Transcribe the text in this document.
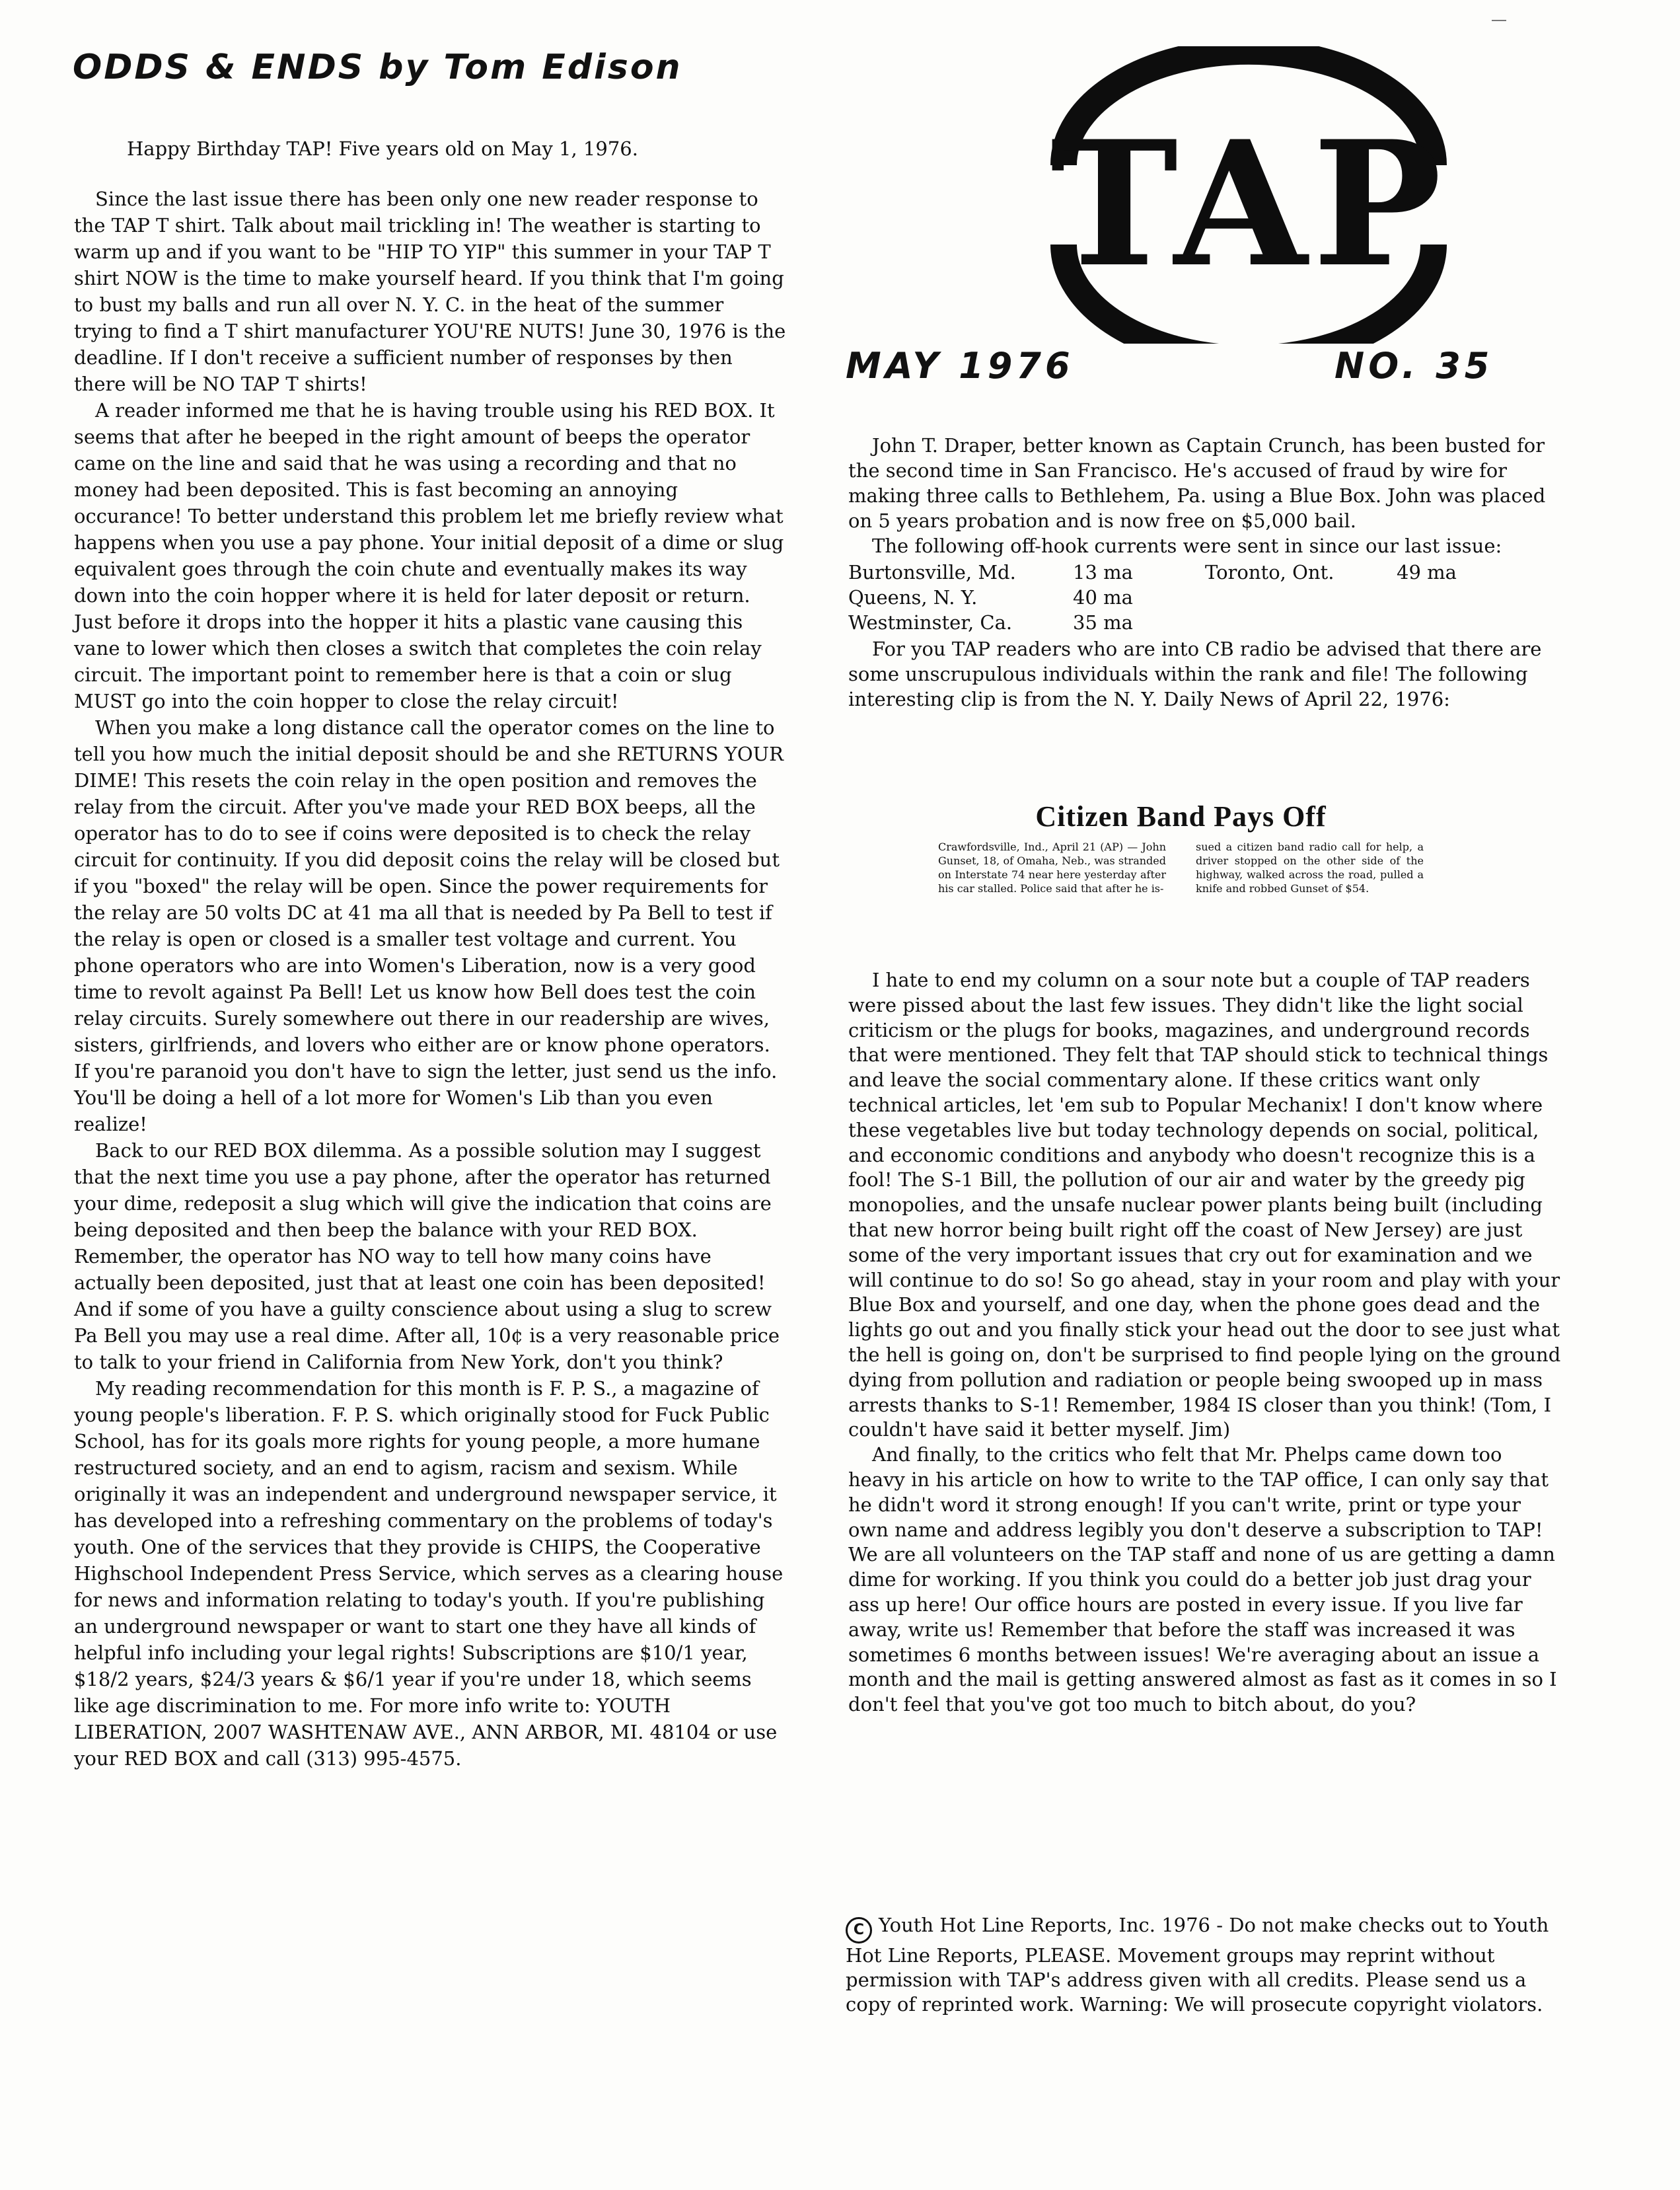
ODDS & ENDS by Tom Edison

Happy Birthday TAP! Five years old on May 1, 1976.

Since the last issue there has been only one new reader response to the TAP T shirt. Talk about mail trickling in! The weather is starting to warm up and if you want to be "HIP TO YIP" this summer in your TAP T shirt NOW is the time to make yourself heard. If you think that I'm going to bust my balls and run all over N. Y. C. in the heat of the summer trying to find a T shirt manufacturer YOU'RE NUTS! June 30, 1976 is the deadline. If I don't receive a sufficient number of responses by then there will be NO TAP T shirts!

A reader informed me that he is having trouble using his RED BOX. It seems that after he beeped in the right amount of beeps the operator came on the line and said that he was using a recording and that no money had been deposited. This is fast becoming an annoying occurance! To better understand this problem let me briefly review what happens when you use a pay phone. Your initial deposit of a dime or slug equivalent goes through the coin chute and eventually makes its way down into the coin hopper where it is held for later deposit or return. Just before it drops into the hopper it hits a plastic vane causing this vane to lower which then closes a switch that completes the coin relay circuit. The important point to remember here is that a coin or slug MUST go into the coin hopper to close the relay circuit!

When you make a long distance call the operator comes on the line to tell you how much the initial deposit should be and she RETURNS YOUR DIME! This resets the coin relay in the open position and removes the relay from the circuit. After you've made your RED BOX beeps, all the operator has to do to see if coins were deposited is to check the relay circuit for continuity. If you did deposit coins the relay will be closed but if you "boxed" the relay will be open. Since the power requirements for the relay are 50 volts DC at 41 ma all that is needed by Pa Bell to test if the relay is open or closed is a smaller test voltage and current. You phone operators who are into Women's Liberation, now is a very good time to revolt against Pa Bell! Let us know how Bell does test the coin relay circuits. Surely somewhere out there in our readership are wives, sisters, girlfriends, and lovers who either are or know phone operators. If you're paranoid you don't have to sign the letter, just send us the info. You'll be doing a hell of a lot more for Women's Lib than you even realize!

Back to our RED BOX dilemma. As a possible solution may I suggest that the next time you use a pay phone, after the operator has returned your dime, redeposit a slug which will give the indication that coins are being deposited and then beep the balance with your RED BOX. Remember, the operator has NO way to tell how many coins have actually been deposited, just that at least one coin has been deposited! And if some of you have a guilty conscience about using a slug to screw Pa Bell you may use a real dime. After all, 10¢ is a very reasonable price to talk to your friend in California from New York, don't you think?

My reading recommendation for this month is F. P. S., a magazine of young people's liberation. F. P. S. which originally stood for Fuck Public School, has for its goals more rights for young people, a more humane restructured society, and an end to agism, racism and sexism. While originally it was an independent and underground newspaper service, it has developed into a refreshing commentary on the problems of today's youth. One of the services that they provide is CHIPS, the Cooperative Highschool Independent Press Service, which serves as a clearing house for news and information relating to today's youth. If you're publishing an underground newspaper or want to start one they have all kinds of helpful info including your legal rights! Subscriptions are $10/1 year, $18/2 years, $24/3 years & $6/1 year if you're under 18, which seems like age discrimination to me. For more info write to: YOUTH LIBERATION, 2007 WASHTENAW AVE., ANN ARBOR, MI. 48104 or use your RED BOX and call (313) 995-4575.

TAP
MAY 1976	NO. 35

John T. Draper, better known as Captain Crunch, has been busted for the second time in San Francisco. He's accused of fraud by wire for making three calls to Bethlehem, Pa. using a Blue Box. John was placed on 5 years probation and is now free on $5,000 bail.

The following off-hook currents were sent in since our last issue:

Burtonsville, Md.	13 ma	Toronto, Ont.	49 ma
Queens, N. Y.	40 ma
Westminster, Ca.	35 ma

For you TAP readers who are into CB radio be advised that there are some unscrupulous individuals within the rank and file! The following interesting clip is from the N. Y. Daily News of April 22, 1976:

Citizen Band Pays Off

Crawfordsville, Ind., April 21 (AP) — John Gunset, 18, of Omaha, Neb., was stranded on Interstate 74 near here yesterday after his car stalled. Police said that after he is-

sued a citizen band radio call for help, a driver stopped on the other side of the highway, walked across the road, pulled a knife and robbed Gunset of $54.

I hate to end my column on a sour note but a couple of TAP readers were pissed about the last few issues. They didn't like the light social criticism or the plugs for books, magazines, and underground records that were mentioned. They felt that TAP should stick to technical things and leave the social commentary alone. If these critics want only technical articles, let 'em sub to Popular Mechanix! I don't know where these vegetables live but today technology depends on social, political, and ecconomic conditions and anybody who doesn't recognize this is a fool! The S-1 Bill, the pollution of our air and water by the greedy pig monopolies, and the unsafe nuclear power plants being built (including that new horror being built right off the coast of New Jersey) are just some of the very important issues that cry out for examination and we will continue to do so! So go ahead, stay in your room and play with your Blue Box and yourself, and one day, when the phone goes dead and the lights go out and you finally stick your head out the door to see just what the hell is going on, don't be surprised to find people lying on the ground dying from pollution and radiation or people being swooped up in mass arrests thanks to S-1! Remember, 1984 IS closer than you think! (Tom, I couldn't have said it better myself. Jim)

And finally, to the critics who felt that Mr. Phelps came down too heavy in his article on how to write to the TAP office, I can only say that he didn't word it strong enough! If you can't write, print or type your own name and address legibly you don't deserve a subscription to TAP! We are all volunteers on the TAP staff and none of us are getting a damn dime for working. If you think you could do a better job just drag your ass up here! Our office hours are posted in every issue. If you live far away, write us! Remember that before the staff was increased it was sometimes 6 months between issues! We're averaging about an issue a month and the mail is getting answered almost as fast as it comes in so I don't feel that you've got too much to bitch about, do you?

C Youth Hot Line Reports, Inc. 1976 - Do not make checks out to Youth Hot Line Reports, PLEASE. Movement groups may reprint without permission with TAP's address given with all credits. Please send us a copy of reprinted work. Warning: We will prosecute copyright violators.
